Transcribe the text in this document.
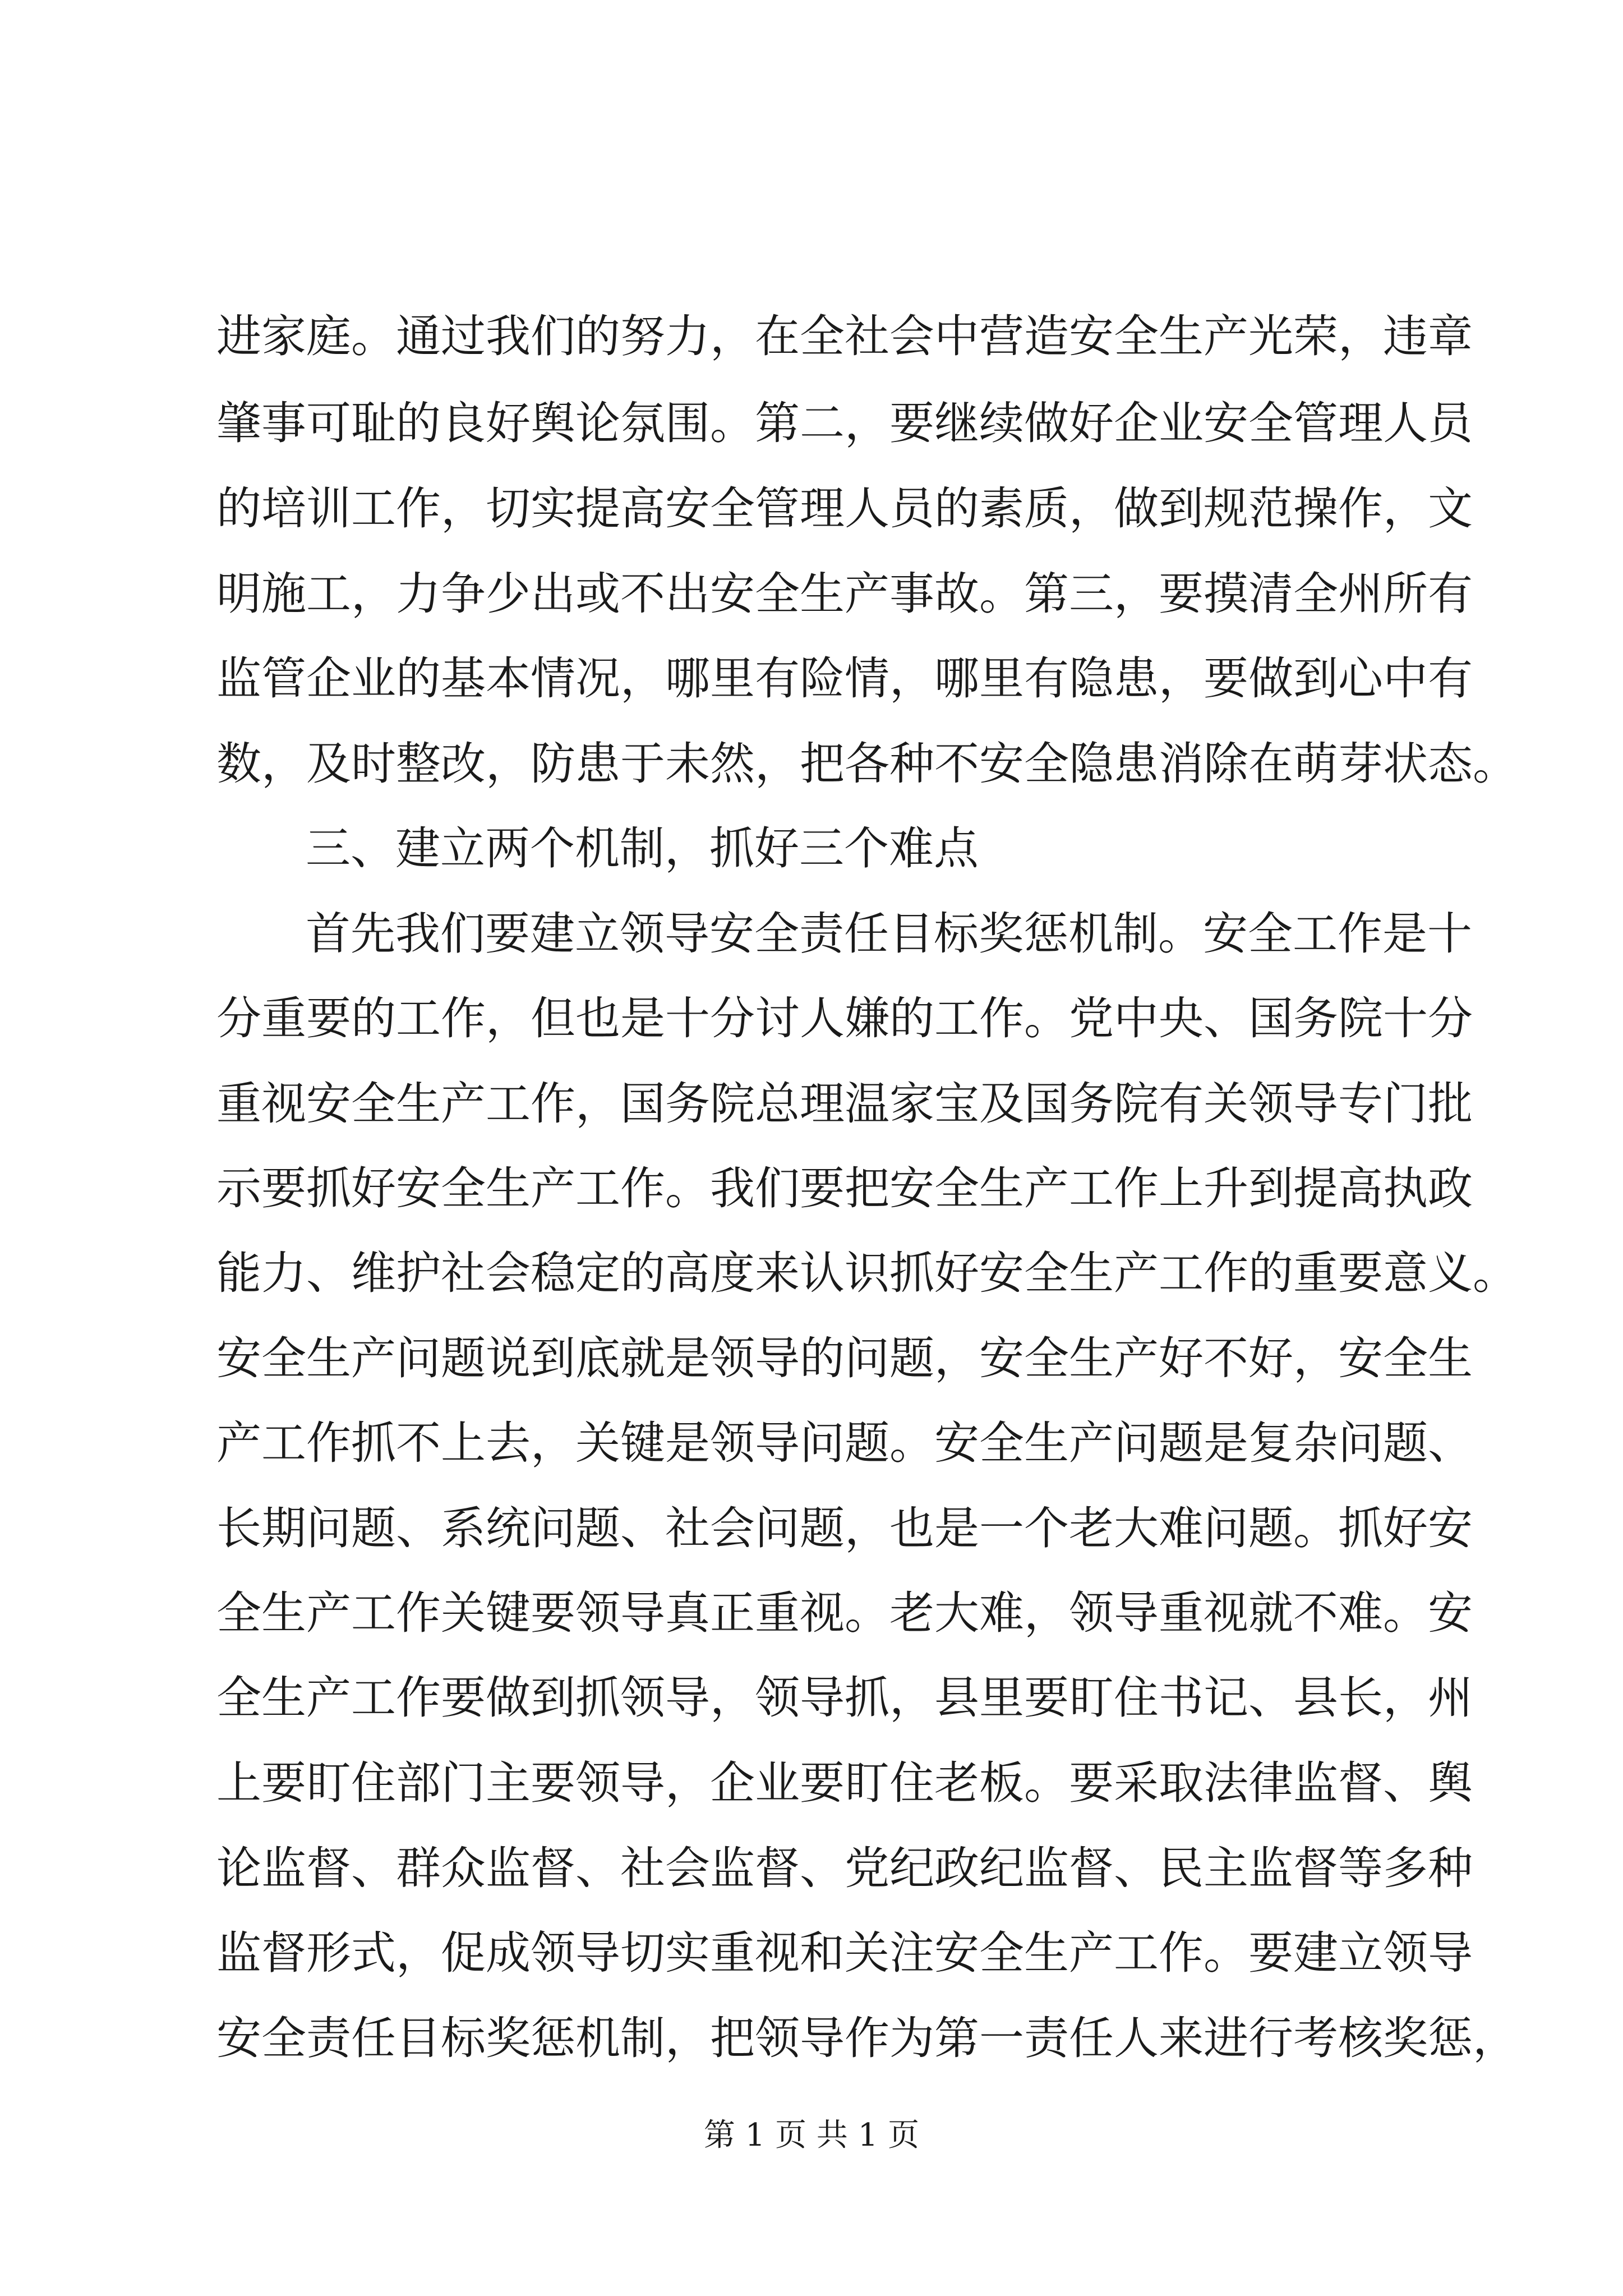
进家庭。通过我们的努力，在全社会中营造安全生产光荣，违章
肇事可耻的良好舆论氛围。第二，要继续做好企业安全管理人员
的培训工作，切实提高安全管理人员的素质，做到规范操作，文
明施工，力争少出或不出安全生产事故。第三，要摸清全州所有
监管企业的基本情况，哪里有险情，哪里有隐患，要做到心中有
数，及时整改，防患于未然，把各种不安全隐患消除在萌芽状态。
三、建立两个机制，抓好三个难点
首先我们要建立领导安全责任目标奖惩机制。安全工作是十
分重要的工作，但也是十分讨人嫌的工作。党中央、国务院十分
重视安全生产工作，国务院总理温家宝及国务院有关领导专门批
示要抓好安全生产工作。我们要把安全生产工作上升到提高执政
能力、维护社会稳定的高度来认识抓好安全生产工作的重要意义。
安全生产问题说到底就是领导的问题，安全生产好不好，安全生
产工作抓不上去，关键是领导问题。安全生产问题是复杂问题、
长期问题、系统问题、社会问题，也是一个老大难问题。抓好安
全生产工作关键要领导真正重视。老大难，领导重视就不难。安
全生产工作要做到抓领导，领导抓，县里要盯住书记、县长，州
上要盯住部门主要领导，企业要盯住老板。要采取法律监督、舆
论监督、群众监督、社会监督、党纪政纪监督、民主监督等多种
监督形式，促成领导切实重视和关注安全生产工作。要建立领导
安全责任目标奖惩机制，把领导作为第一责任人来进行考核奖惩，
第 1 页 共 1 页
